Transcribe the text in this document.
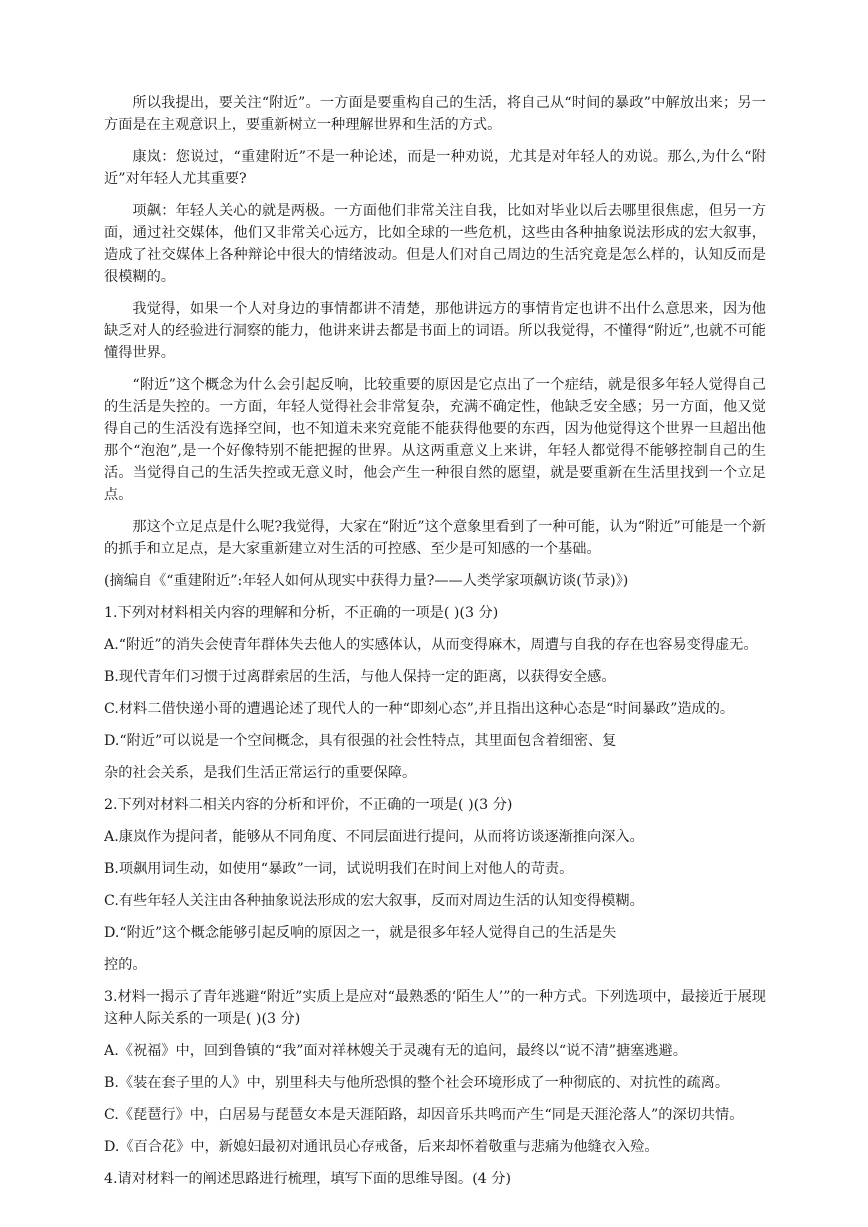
所以我提出，要关注“附近”。一方面是要重构自己的生活，将自己从“时间的暴政”中解放出来；另一方面是在主观意识上，要重新树立一种理解世界和生活的方式。

康岚：您说过，“重建附近”不是一种论述，而是一种劝说，尤其是对年轻人的劝说。那么,为什么“附近”对年轻人尤其重要?

项飙：年轻人关心的就是两极。一方面他们非常关注自我，比如对毕业以后去哪里很焦虑，但另一方面，通过社交媒体，他们又非常关心远方，比如全球的一些危机，这些由各种抽象说法形成的宏大叙事，造成了社交媒体上各种辩论中很大的情绪波动。但是人们对自己周边的生活究竟是怎么样的，认知反而是很模糊的。

我觉得，如果一个人对身边的事情都讲不清楚，那他讲远方的事情肯定也讲不出什么意思来，因为他缺乏对人的经验进行洞察的能力，他讲来讲去都是书面上的词语。所以我觉得，不懂得“附近”,也就不可能懂得世界。

“附近”这个概念为什么会引起反响，比较重要的原因是它点出了一个症结，就是很多年轻人觉得自己的生活是失控的。一方面，年轻人觉得社会非常复杂，充满不确定性，他缺乏安全感；另一方面，他又觉得自己的生活没有选择空间，也不知道未来究竟能不能获得他要的东西，因为他觉得这个世界一旦超出他那个“泡泡”,是一个好像特别不能把握的世界。从这两重意义上来讲，年轻人都觉得不能够控制自己的生活。当觉得自己的生活失控或无意义时，他会产生一种很自然的愿望，就是要重新在生活里找到一个立足点。

那这个立足点是什么呢?我觉得，大家在“附近”这个意象里看到了一种可能，认为“附近”可能是一个新的抓手和立足点，是大家重新建立对生活的可控感、至少是可知感的一个基础。

(摘编自《“重建附近”:年轻人如何从现实中获得力量?——人类学家项飙访谈(节录)》)

1.下列对材料相关内容的理解和分析，不正确的一项是( )(3 分)

A.“附近”的消失会使青年群体失去他人的实感体认，从而变得麻木，周遭与自我的存在也容易变得虚无。

B.现代青年们习惯于过离群索居的生活，与他人保持一定的距离，以获得安全感。

C.材料二借快递小哥的遭遇论述了现代人的一种“即刻心态”,并且指出这种心态是“时间暴政”造成的。

D.“附近”可以说是一个空间概念，具有很强的社会性特点，其里面包含着细密、复

杂的社会关系，是我们生活正常运行的重要保障。

2.下列对材料二相关内容的分析和评价，不正确的一项是( )(3 分)

A.康岚作为提问者，能够从不同角度、不同层面进行提问，从而将访谈逐渐推向深入。

B.项飙用词生动，如使用“暴政”一词，试说明我们在时间上对他人的苛责。

C.有些年轻人关注由各种抽象说法形成的宏大叙事，反而对周边生活的认知变得模糊。

D.“附近”这个概念能够引起反响的原因之一，就是很多年轻人觉得自己的生活是失

控的。

3.材料一揭示了青年逃避“附近”实质上是应对“最熟悉的‘陌生人’”的一种方式。下列选项中，最接近于展现这种人际关系的一项是( )(3 分)

A.《祝福》中，回到鲁镇的“我”面对祥林嫂关于灵魂有无的追问，最终以“说不清”搪塞逃避。

B.《装在套子里的人》中，别里科夫与他所恐惧的整个社会环境形成了一种彻底的、对抗性的疏离。

C.《琵琶行》中，白居易与琵琶女本是天涯陌路，却因音乐共鸣而产生“同是天涯沦落人”的深切共情。

D.《百合花》中，新媳妇最初对通讯员心存戒备，后来却怀着敬重与悲痛为他缝衣入殓。

4.请对材料一的阐述思路进行梳理，填写下面的思维导图。(4 分)
